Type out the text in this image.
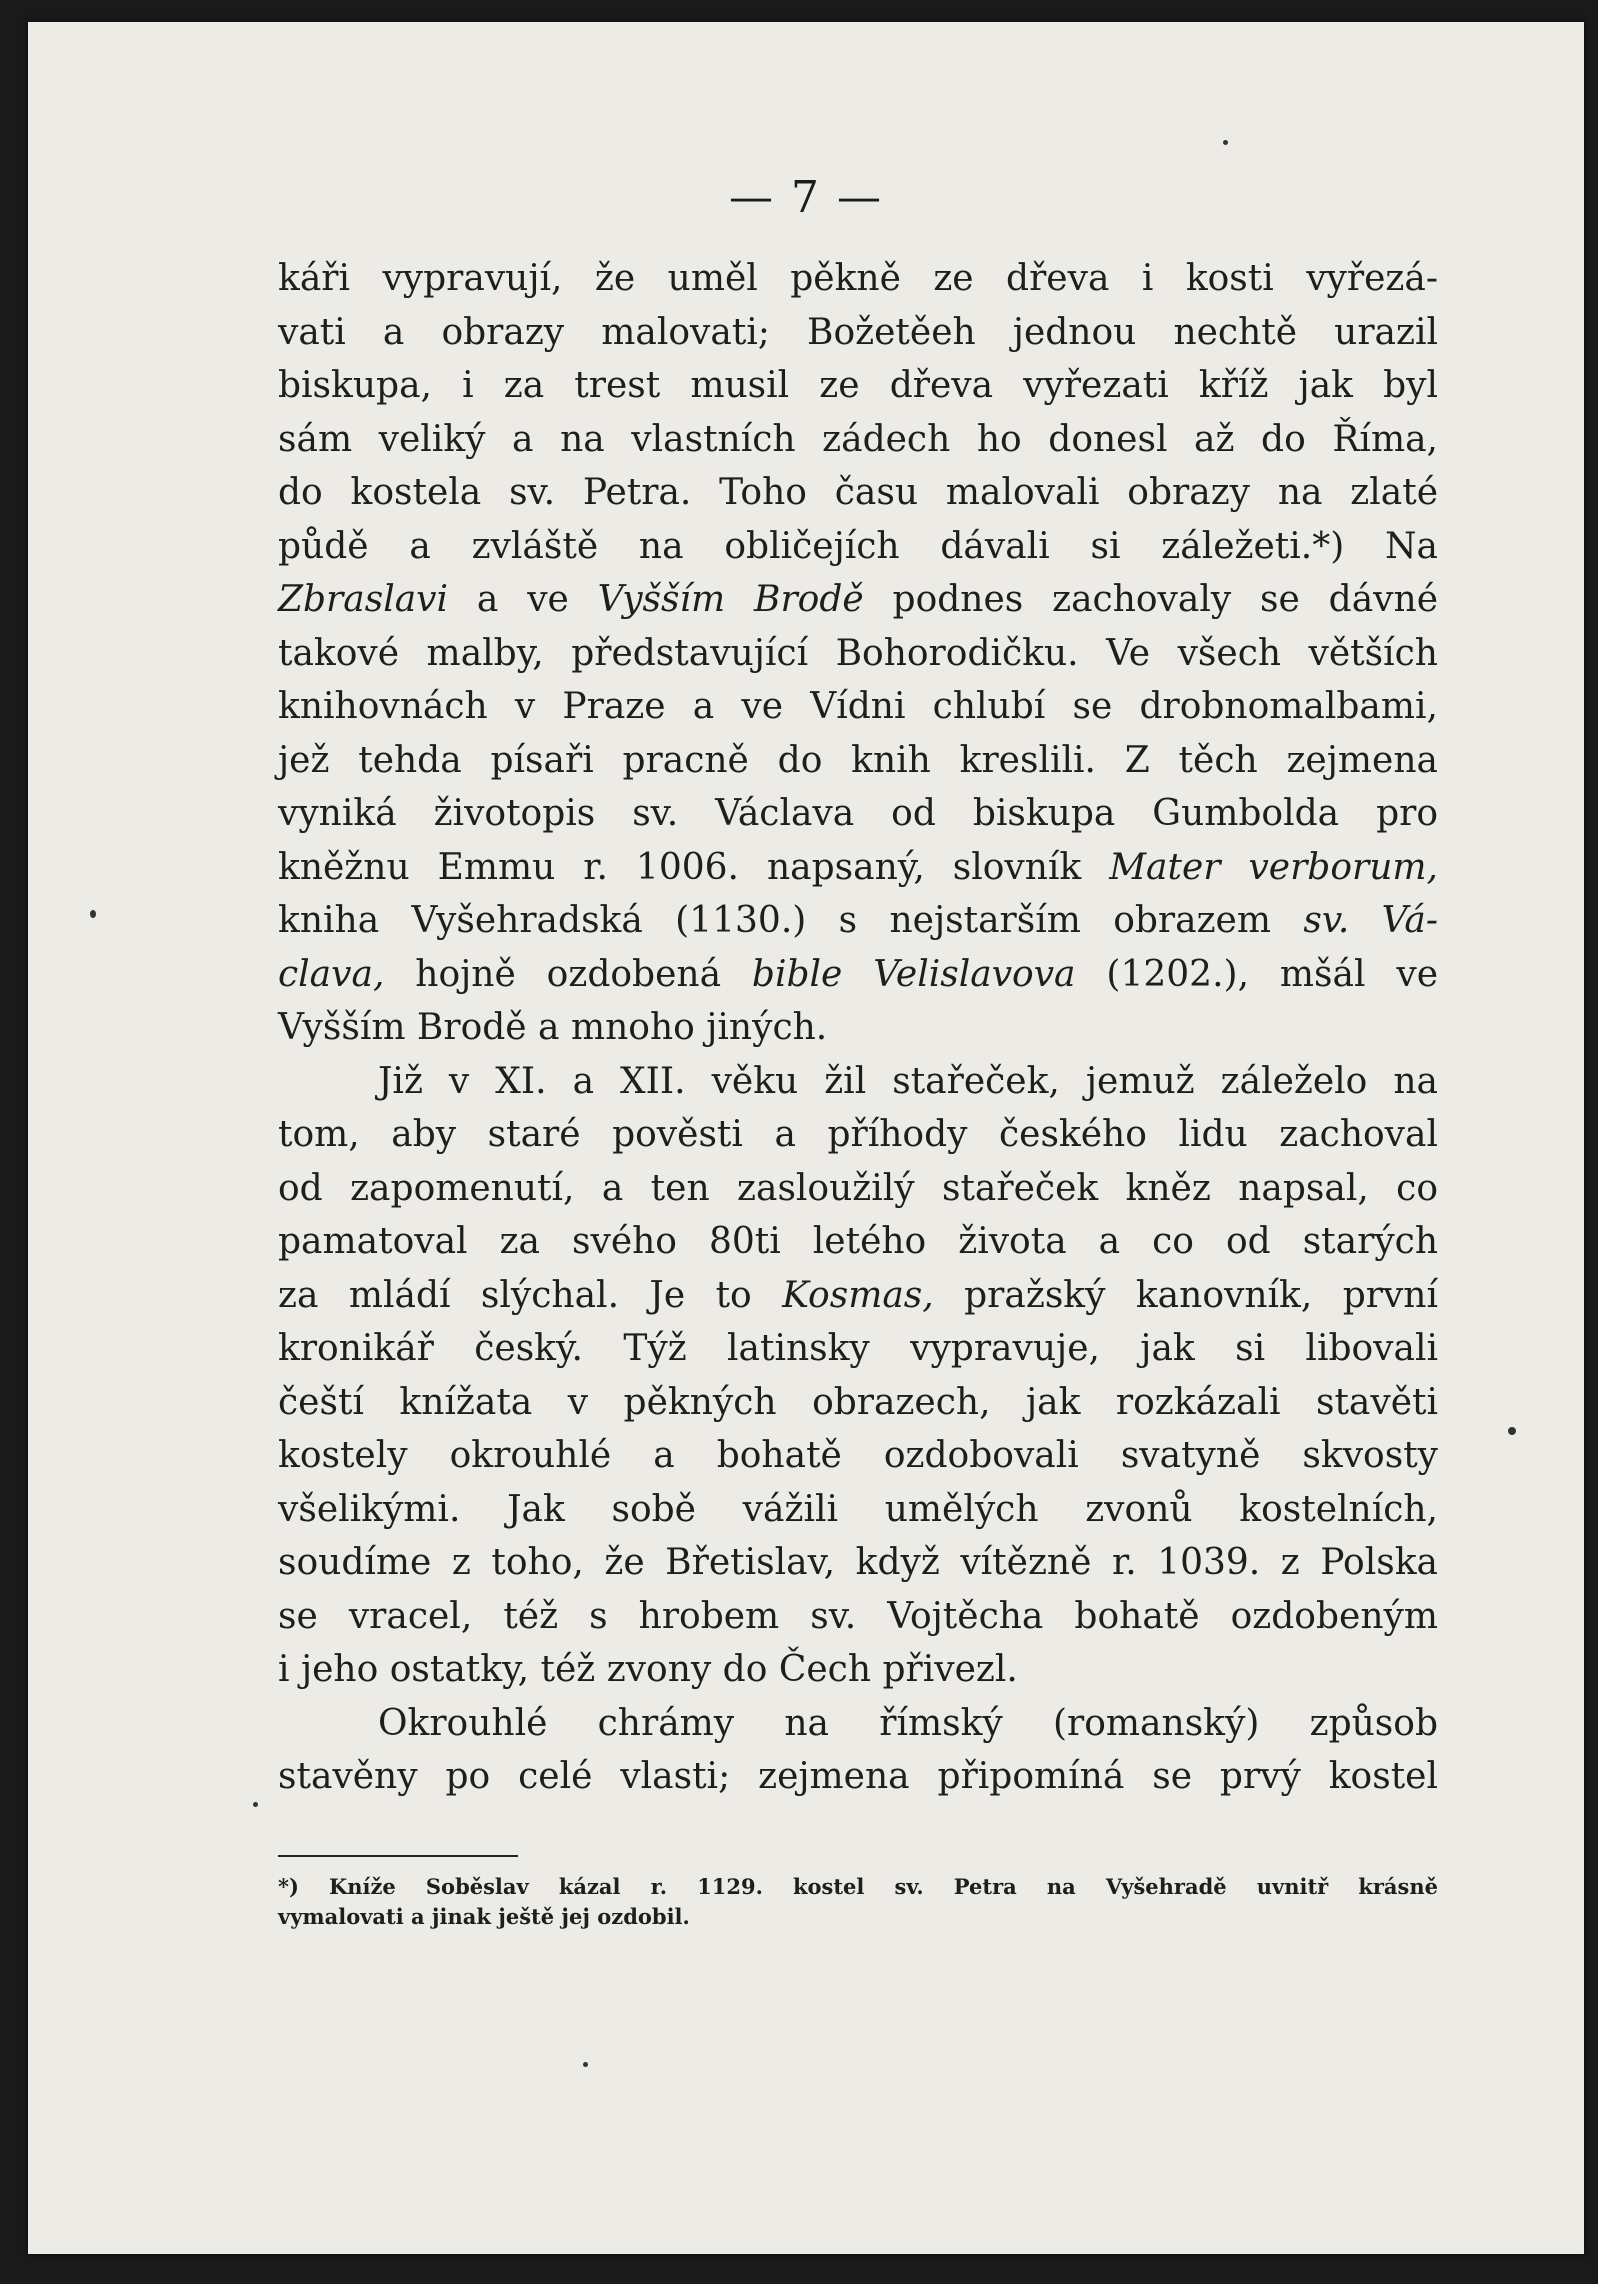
— 7 —
káři vypravují, že uměl pěkně ze dřeva i kosti vyřezá-
vati a obrazy malovati; Božetěeh jednou nechtě urazil
biskupa, i za trest musil ze dřeva vyřezati kříž jak byl
sám veliký a na vlastních zádech ho donesl až do Říma,
do kostela sv. Petra. Toho času malovali obrazy na zlaté
půdě a zvláště na obličejích dávali si záležeti.*) Na
Zbraslavi a ve Vyšším Brodě podnes zachovaly se dávné
takové malby, představující Bohorodičku. Ve všech větších
knihovnách v Praze a ve Vídni chlubí se drobnomalbami,
jež tehda písaři pracně do knih kreslili. Z těch zejmena
vyniká životopis sv. Václava od biskupa Gumbolda pro
kněžnu Emmu r. 1006. napsaný, slovník Mater verborum,
kniha Vyšehradská (1130.) s nejstarším obrazem sv. Vá-
clava, hojně ozdobená bible Velislavova (1202.), mšál ve
Vyšším Brodě a mnoho jiných.
Již v XI. a XII. věku žil stařeček, jemuž záleželo na
tom, aby staré pověsti a příhody českého lidu zachoval
od zapomenutí, a ten zasloužilý stařeček kněz napsal, co
pamatoval za svého 80ti letého života a co od starých
za mládí slýchal. Je to Kosmas, pražský kanovník, první
kronikář český. Týž latinsky vypravuje, jak si libovali
čeští knížata v pěkných obrazech, jak rozkázali stavěti
kostely okrouhlé a bohatě ozdobovali svatyně skvosty
všelikými. Jak sobě vážili umělých zvonů kostelních,
soudíme z toho, že Břetislav, když vítězně r. 1039. z Polska
se vracel, též s hrobem sv. Vojtěcha bohatě ozdobeným
i jeho ostatky, též zvony do Čech přivezl.
Okrouhlé chrámy na římský (romanský) způsob
stavěny po celé vlasti; zejmena připomíná se prvý kostel
*) Kníže Soběslav kázal r. 1129. kostel sv. Petra na Vyšehradě uvnitř krásně
vymalovati a jinak ještě jej ozdobil.
